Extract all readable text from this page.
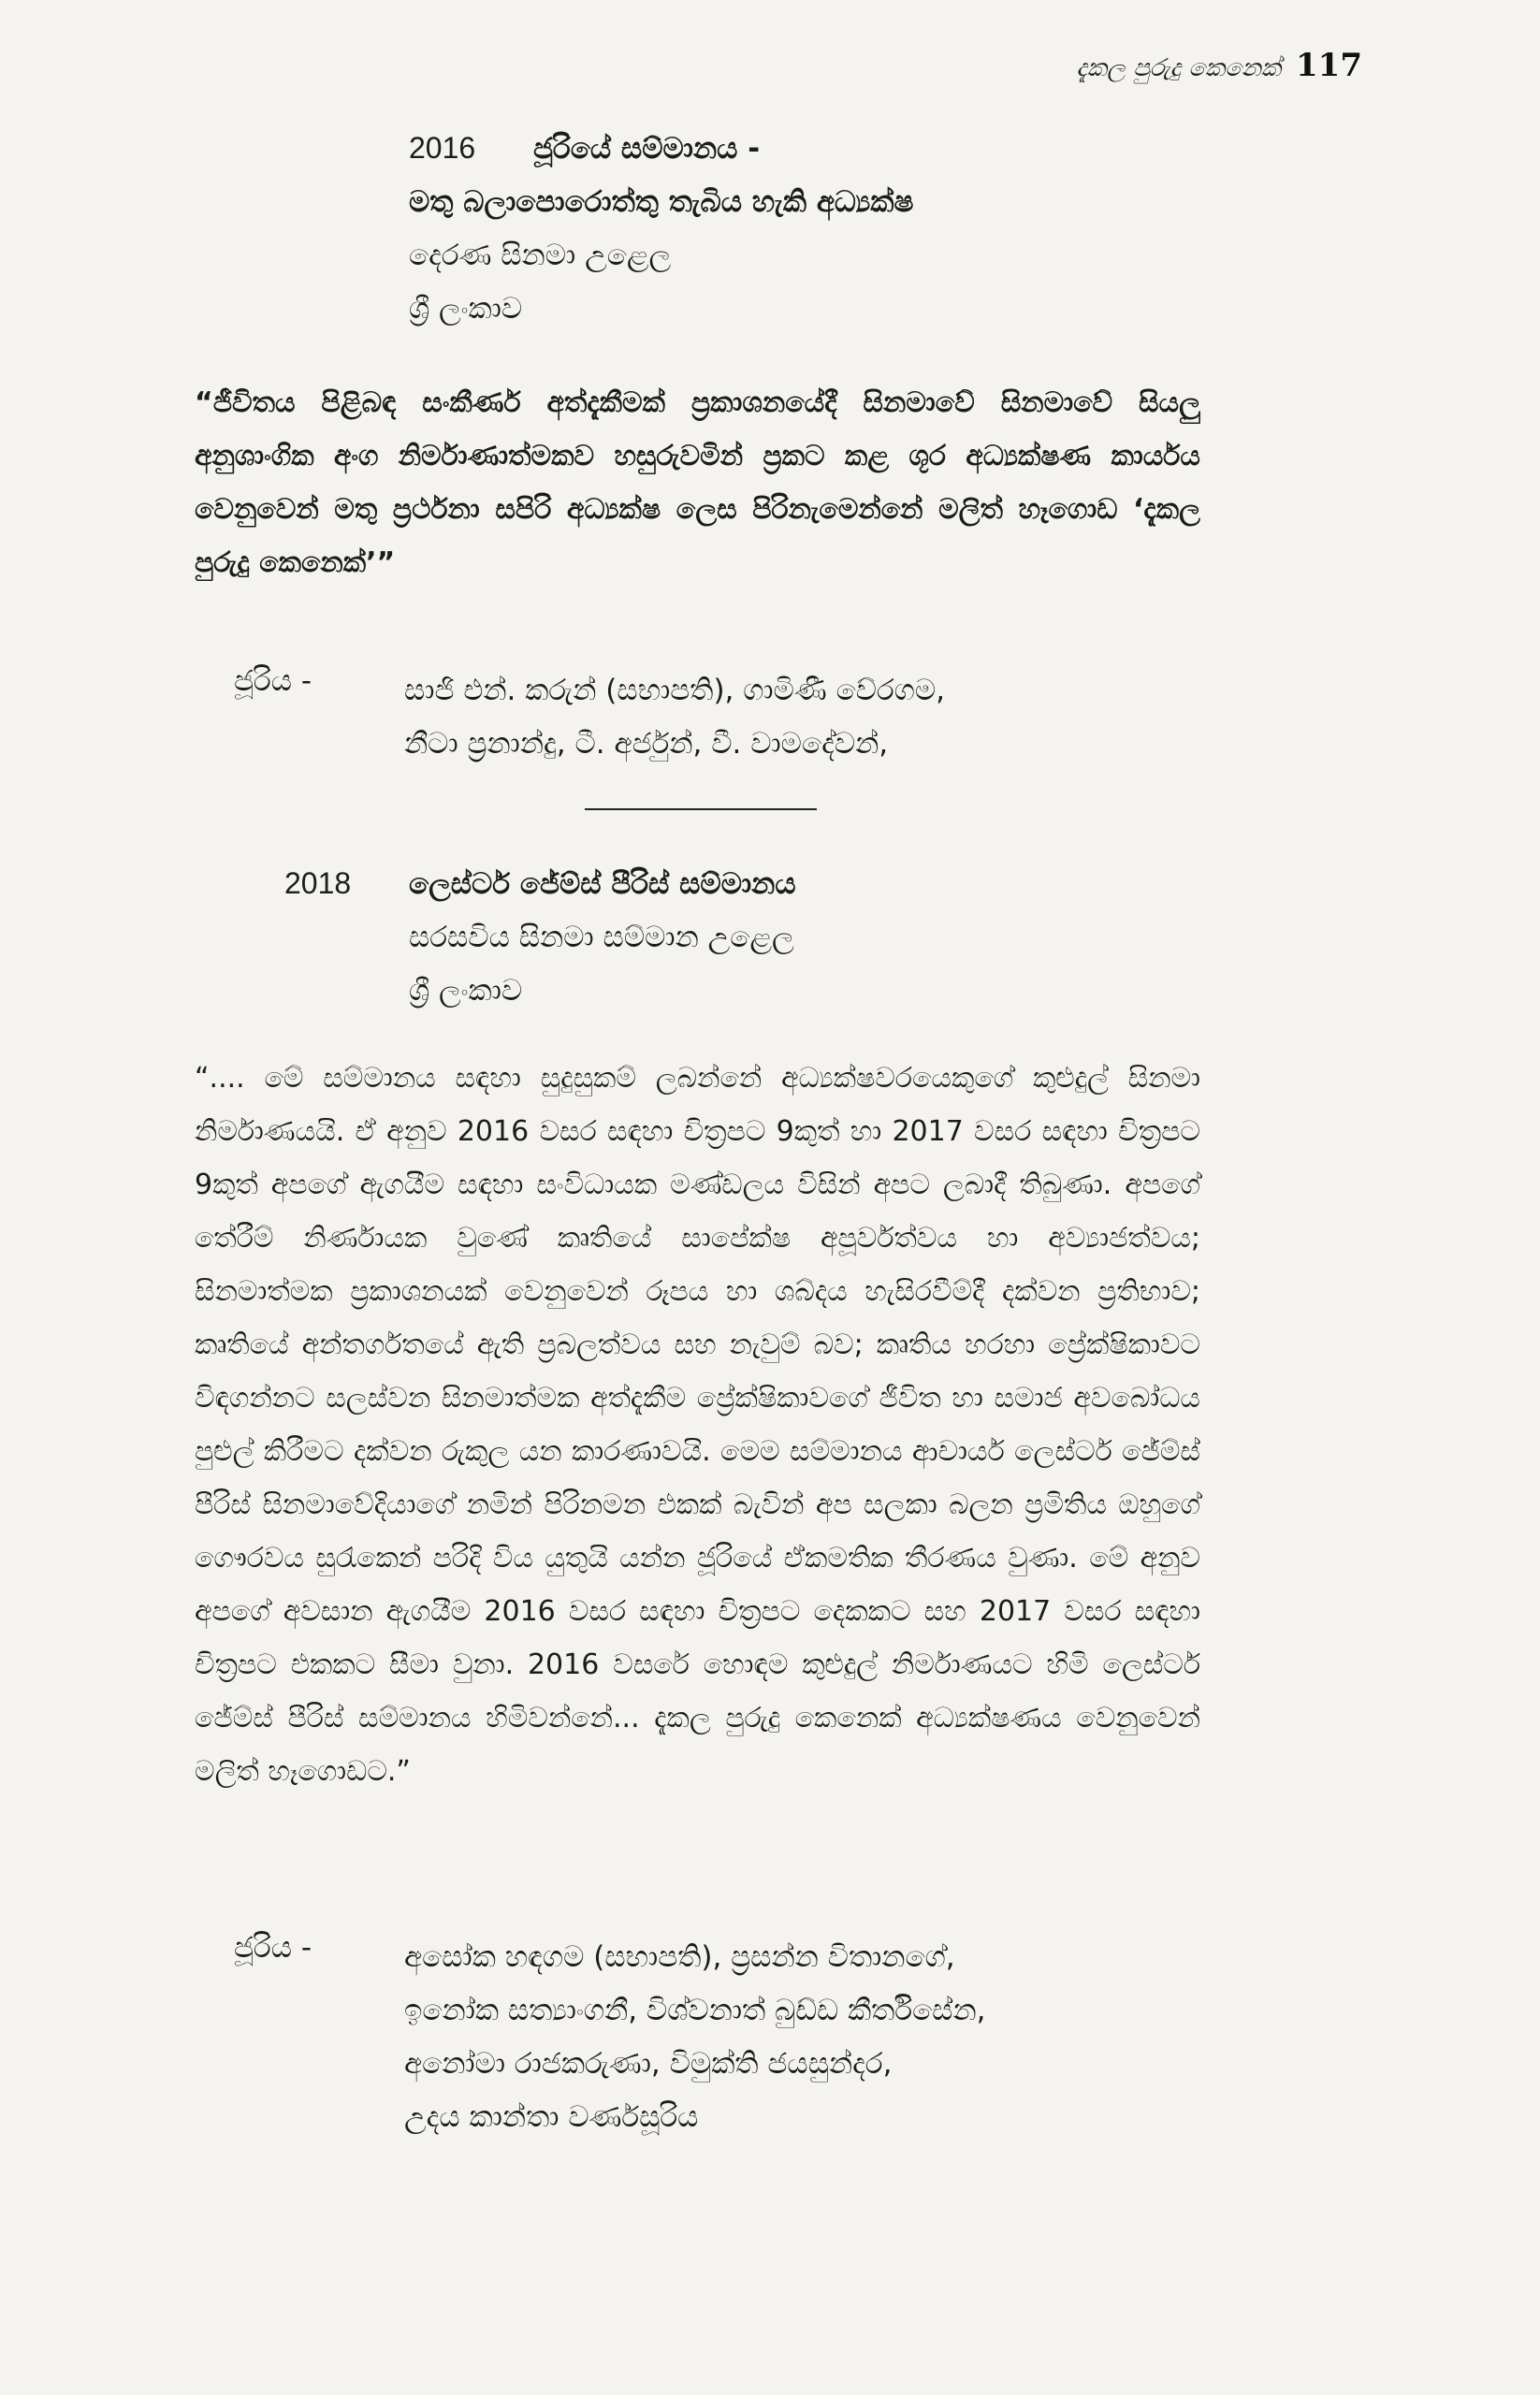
දැකල පුරුදු කෙනෙක් 117
2016	ජූරියේ සම්මානය -
මතු බලාපොරොත්තු තැබිය හැකි අධ්‍යක්ෂ
දෙරණ සිනමා උළෙල
ශ්‍රී ලංකාව
“ජීවිතය පිළිබඳ සංකීර්ණ අත්දැකීමක් ප්‍රකාශනයේදී සිනමාවේ සිනමාවේ සියලු අනුශාංගික අංග නිර්මාණාත්මකව හසුරුවමින් ප්‍රකට කළ ශූර අධ්‍යක්ෂණ කාර්යය වෙනුවෙන් මතු ප්‍රර්ථනා සපිරි අධ්‍යක්ෂ ලෙස පිරිනැමෙන්නේ මලිත් හෑගොඩ ‘දැකල පුරුදු කෙනෙක්’”
ජූරිය -	සාජි එන්. කරුන් (සභාපති), ගාමිණී වේරගම,
නීටා ප්‍රනාන්දු, ටී. අර්ජුන්, වී. වාමදේවන්,
2018	ලෙස්ටර් ජේම්ස් පීරිස් සම්මානය
සරසවිය සිනමා සම්මාන උළෙල
ශ්‍රී ලංකාව
“.... මේ සම්මානය සඳහා සුදුසුකම් ලබන්නේ අධ්‍යක්ෂවරයෙකුගේ කුළුදුල් සිනමා නිර්මාණයයි. ඒ අනුව 2016 වසර සඳහා චිත්‍රපට 9කුත් හා 2017 වසර සඳහා චිත්‍රපට 9කුත් අපගේ ඇගයීම සඳහා සංවිධායක මණ්ඩලය විසින් අපට ලබාදී තිබුණා. අපගේ තේරීම් නිර්ණායක වුණේ කෘතියේ සාපේක්ෂ අපූර්වත්වය හා අව්‍යාජත්වය; සිනමාත්මක ප්‍රකාශනයක් වෙනුවෙන් රූපය හා ශබ්දය හැසිරවීම්දී දක්වන ප්‍රතිභාව; කෘතියේ අන්තර්ගතයේ ඇති ප්‍රබලත්වය සහ නැවුම් බව; කෘතිය හරහා ප්‍රේක්ෂිකාවට විඳගන්නට සලස්වන සිනමාත්මක අත්දැකීම ප්‍රේක්ෂිකාවගේ ජීවිත හා සමාජ අවබෝධය පුළුල් කිරීමට දක්වන රුකුල යන කාරණාවයි. මෙම සම්මානය ආචාර්ය ලෙස්ටර් ජේම්ස් පීරිස් සිනමාවේදියාගේ නමින් පිරිනමන එකක් බැවින් අප සලකා බලන ප්‍රමිතිය ඔහුගේ ගෞරවය සුරැකෙන් පරිදි විය යුතුයි යන්න ජූරියේ ඒකමතික තීරණය වුණා. මේ අනුව අපගේ අවසාන ඇගයීම 2016 වසර සඳහා චිත්‍රපට දෙකකට සහ 2017 වසර සඳහා චිත්‍රපට එකකට සීමා වුනා. 2016 වසරේ හොඳම කුළුදුල් නිර්මාණයට හිමි ලෙස්ටර් ජේම්ස් පීරිස් සම්මානය හිමිවන්නේ... දැකල පුරුදු කෙනෙක් අධ්‍යක්ෂණය වෙනුවෙන් මලිත් හෑගොඩට.”
ජූරිය -	අසෝක හඳගම (සභාපති), ප්‍රසන්න විතානගේ,
ඉනෝක සත්‍යාංගනී, විශ්වනාත් බුඩ්ඩ කීර්තිසේන,
අනෝමා රාජකරුණා, විමුක්ති ජයසුන්දර,
උදය කාන්තා වර්ණසූරිය
